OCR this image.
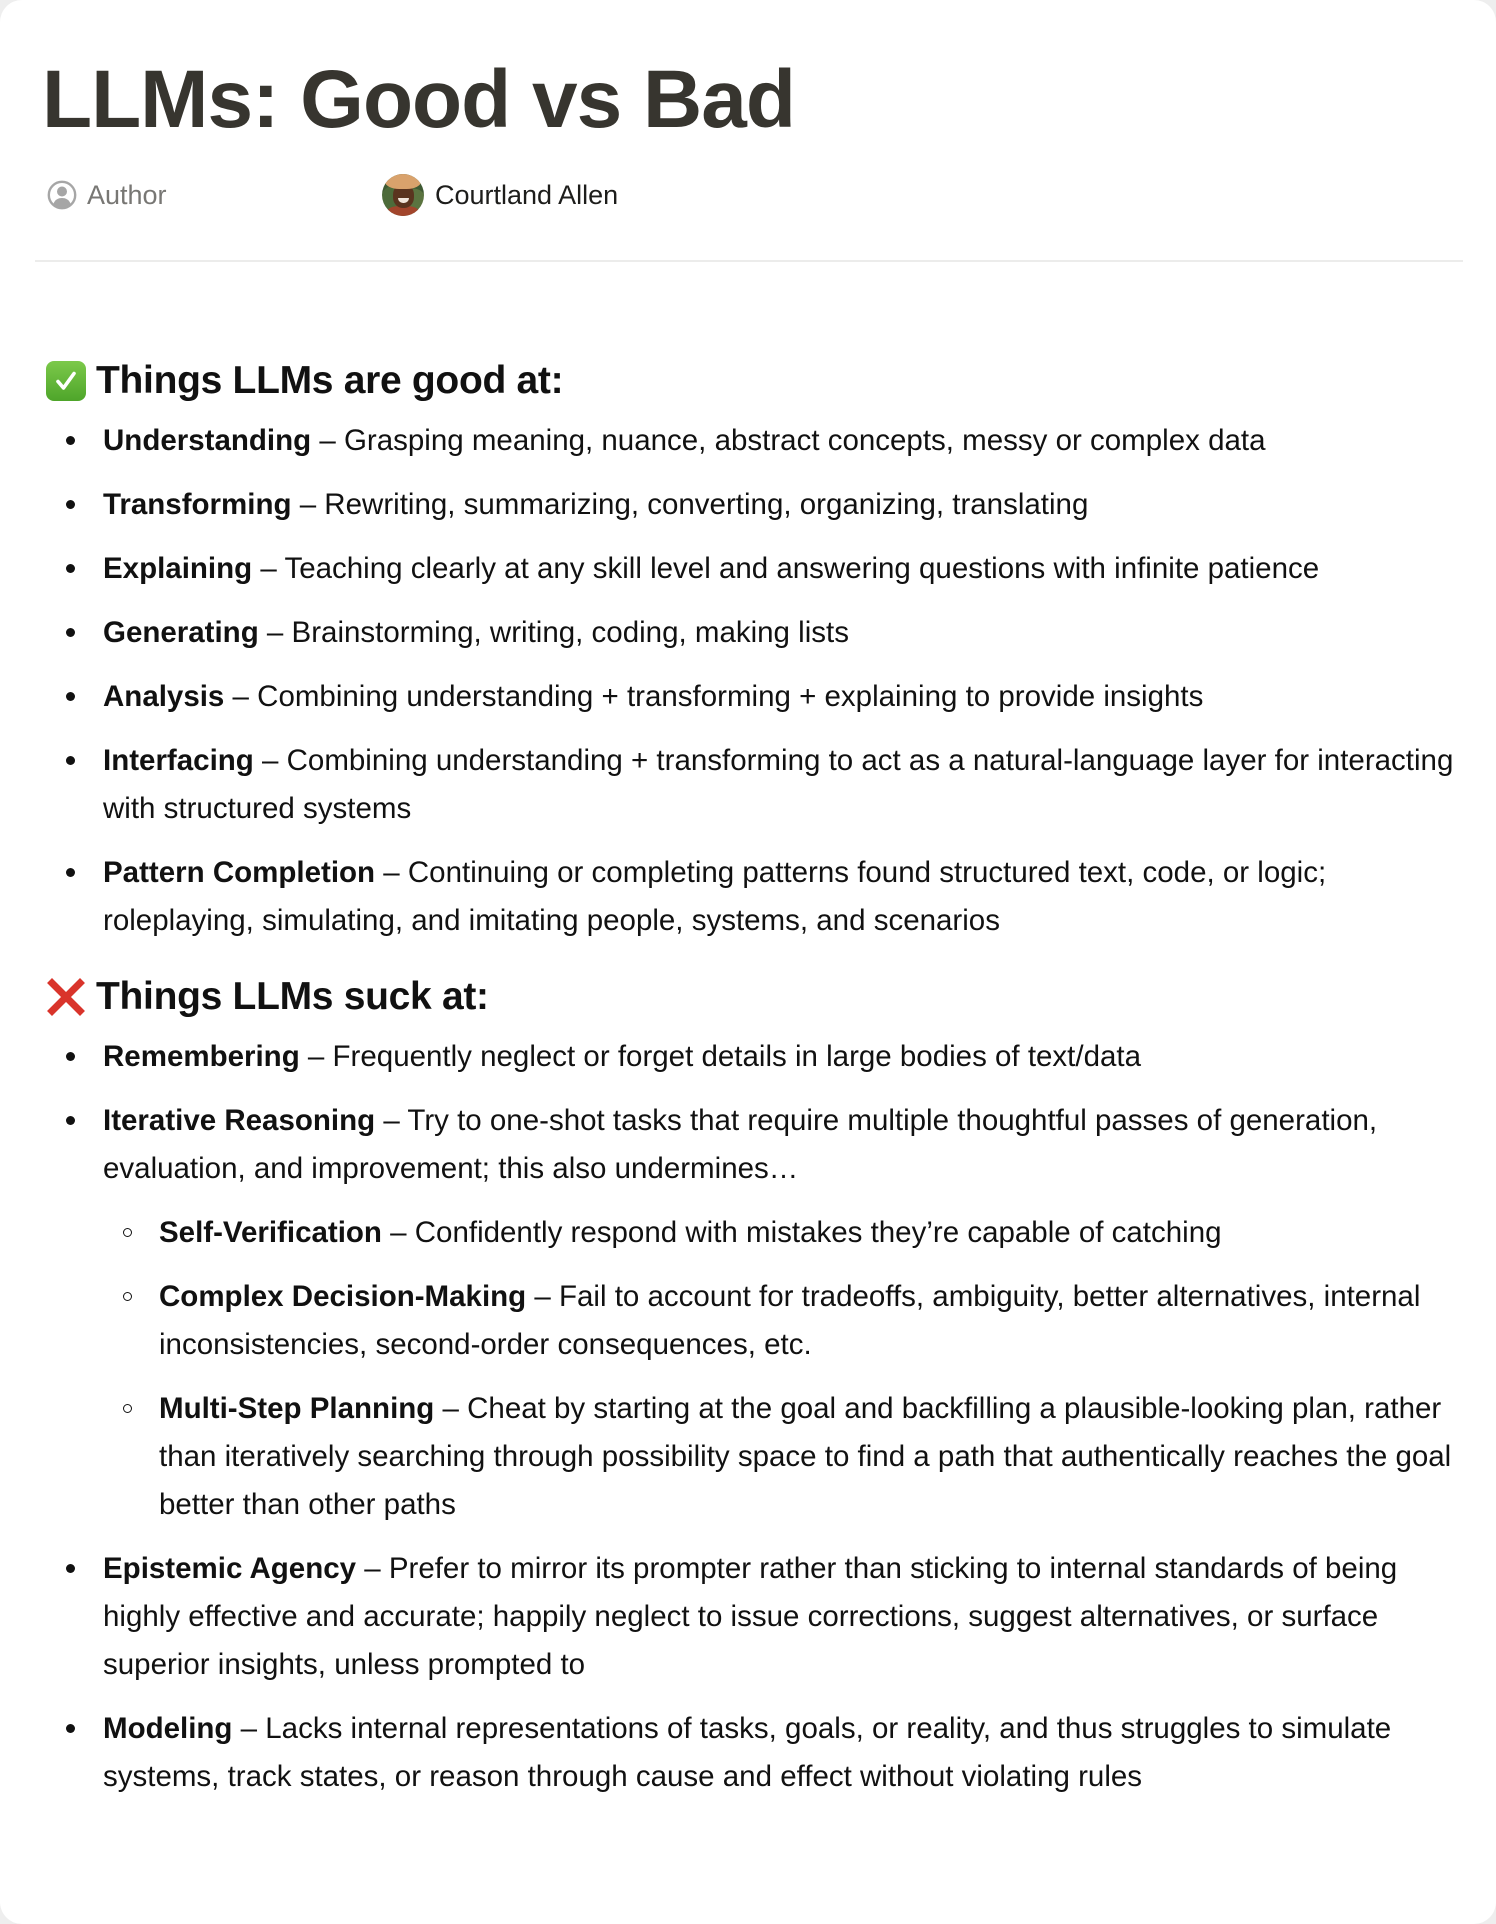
LLMs: Good vs Bad
Author	Courtland Allen
Things LLMs are good at:
Understanding – Grasping meaning, nuance, abstract concepts, messy or complex data
Transforming – Rewriting, summarizing, converting, organizing, translating
Explaining – Teaching clearly at any skill level and answering questions with infinite patience
Generating – Brainstorming, writing, coding, making lists
Analysis – Combining understanding + transforming + explaining to provide insights
Interfacing – Combining understanding + transforming to act as a natural-language layer for interacting with structured systems
Pattern Completion – Continuing or completing patterns found structured text, code, or logic; roleplaying, simulating, and imitating people, systems, and scenarios
Things LLMs suck at:
Remembering – Frequently neglect or forget details in large bodies of text/data
Iterative Reasoning – Try to one-shot tasks that require multiple thoughtful passes of generation, evaluation, and improvement; this also undermines…
Self-Verification – Confidently respond with mistakes they’re capable of catching
Complex Decision-Making – Fail to account for tradeoffs, ambiguity, better alternatives, internal inconsistencies, second-order consequences, etc.
Multi-Step Planning – Cheat by starting at the goal and backfilling a plausible-looking plan, rather than iteratively searching through possibility space to find a path that authentically reaches the goal better than other paths
Epistemic Agency – Prefer to mirror its prompter rather than sticking to internal standards of being highly effective and accurate; happily neglect to issue corrections, suggest alternatives, or surface superior insights, unless prompted to
Modeling – Lacks internal representations of tasks, goals, or reality, and thus struggles to simulate systems, track states, or reason through cause and effect without violating rules
